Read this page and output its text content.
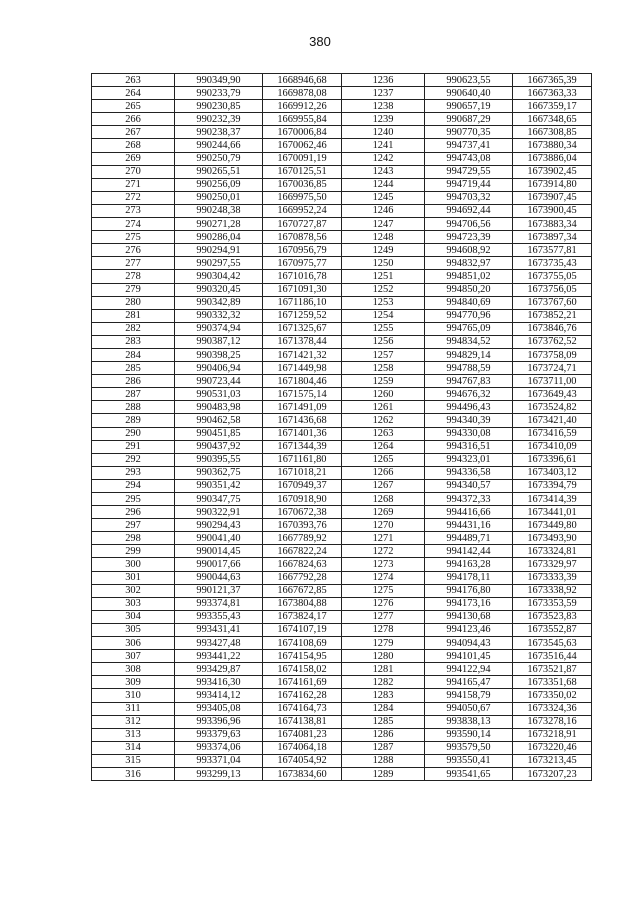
380
263	990349,90	1668946,68	1236	990623,55	1667365,39
264	990233,79	1669878,08	1237	990640,40	1667363,33
265	990230,85	1669912,26	1238	990657,19	1667359,17
266	990232,39	1669955,84	1239	990687,29	1667348,65
267	990238,37	1670006,84	1240	990770,35	1667308,85
268	990244,66	1670062,46	1241	994737,41	1673880,34
269	990250,79	1670091,19	1242	994743,08	1673886,04
270	990265,51	1670125,51	1243	994729,55	1673902,45
271	990256,09	1670036,85	1244	994719,44	1673914,80
272	990250,01	1669975,50	1245	994703,32	1673907,45
273	990248,38	1669952,24	1246	994692,44	1673900,45
274	990271,28	1670727,87	1247	994706,56	1673883,34
275	990286,04	1670878,56	1248	994723,39	1673897,34
276	990294,91	1670956,79	1249	994608,92	1673577,81
277	990297,55	1670975,77	1250	994832,97	1673735,43
278	990304,42	1671016,78	1251	994851,02	1673755,05
279	990320,45	1671091,30	1252	994850,20	1673756,05
280	990342,89	1671186,10	1253	994840,69	1673767,60
281	990332,32	1671259,52	1254	994770,96	1673852,21
282	990374,94	1671325,67	1255	994765,09	1673846,76
283	990387,12	1671378,44	1256	994834,52	1673762,52
284	990398,25	1671421,32	1257	994829,14	1673758,09
285	990406,94	1671449,98	1258	994788,59	1673724,71
286	990723,44	1671804,46	1259	994767,83	1673711,00
287	990531,03	1671575,14	1260	994676,32	1673649,43
288	990483,98	1671491,09	1261	994496,43	1673524,82
289	990462,58	1671436,68	1262	994340,39	1673421,40
290	990451,85	1671401,36	1263	994330,08	1673416,59
291	990437,92	1671344,39	1264	994316,51	1673410,09
292	990395,55	1671161,80	1265	994323,01	1673396,61
293	990362,75	1671018,21	1266	994336,58	1673403,12
294	990351,42	1670949,37	1267	994340,57	1673394,79
295	990347,75	1670918,90	1268	994372,33	1673414,39
296	990322,91	1670672,38	1269	994416,66	1673441,01
297	990294,43	1670393,76	1270	994431,16	1673449,80
298	990041,40	1667789,92	1271	994489,71	1673493,90
299	990014,45	1667822,24	1272	994142,44	1673324,81
300	990017,66	1667824,63	1273	994163,28	1673329,97
301	990044,63	1667792,28	1274	994178,11	1673333,39
302	990121,37	1667672,85	1275	994176,80	1673338,92
303	993374,81	1673804,88	1276	994173,16	1673353,59
304	993355,43	1673824,17	1277	994130,68	1673523,83
305	993431,41	1674107,19	1278	994123,46	1673552,87
306	993427,48	1674108,69	1279	994094,43	1673545,63
307	993441,22	1674154,95	1280	994101,45	1673516,44
308	993429,87	1674158,02	1281	994122,94	1673521,87
309	993416,30	1674161,69	1282	994165,47	1673351,68
310	993414,12	1674162,28	1283	994158,79	1673350,02
311	993405,08	1674164,73	1284	994050,67	1673324,36
312	993396,96	1674138,81	1285	993838,13	1673278,16
313	993379,63	1674081,23	1286	993590,14	1673218,91
314	993374,06	1674064,18	1287	993579,50	1673220,46
315	993371,04	1674054,92	1288	993550,41	1673213,45
316	993299,13	1673834,60	1289	993541,65	1673207,23
